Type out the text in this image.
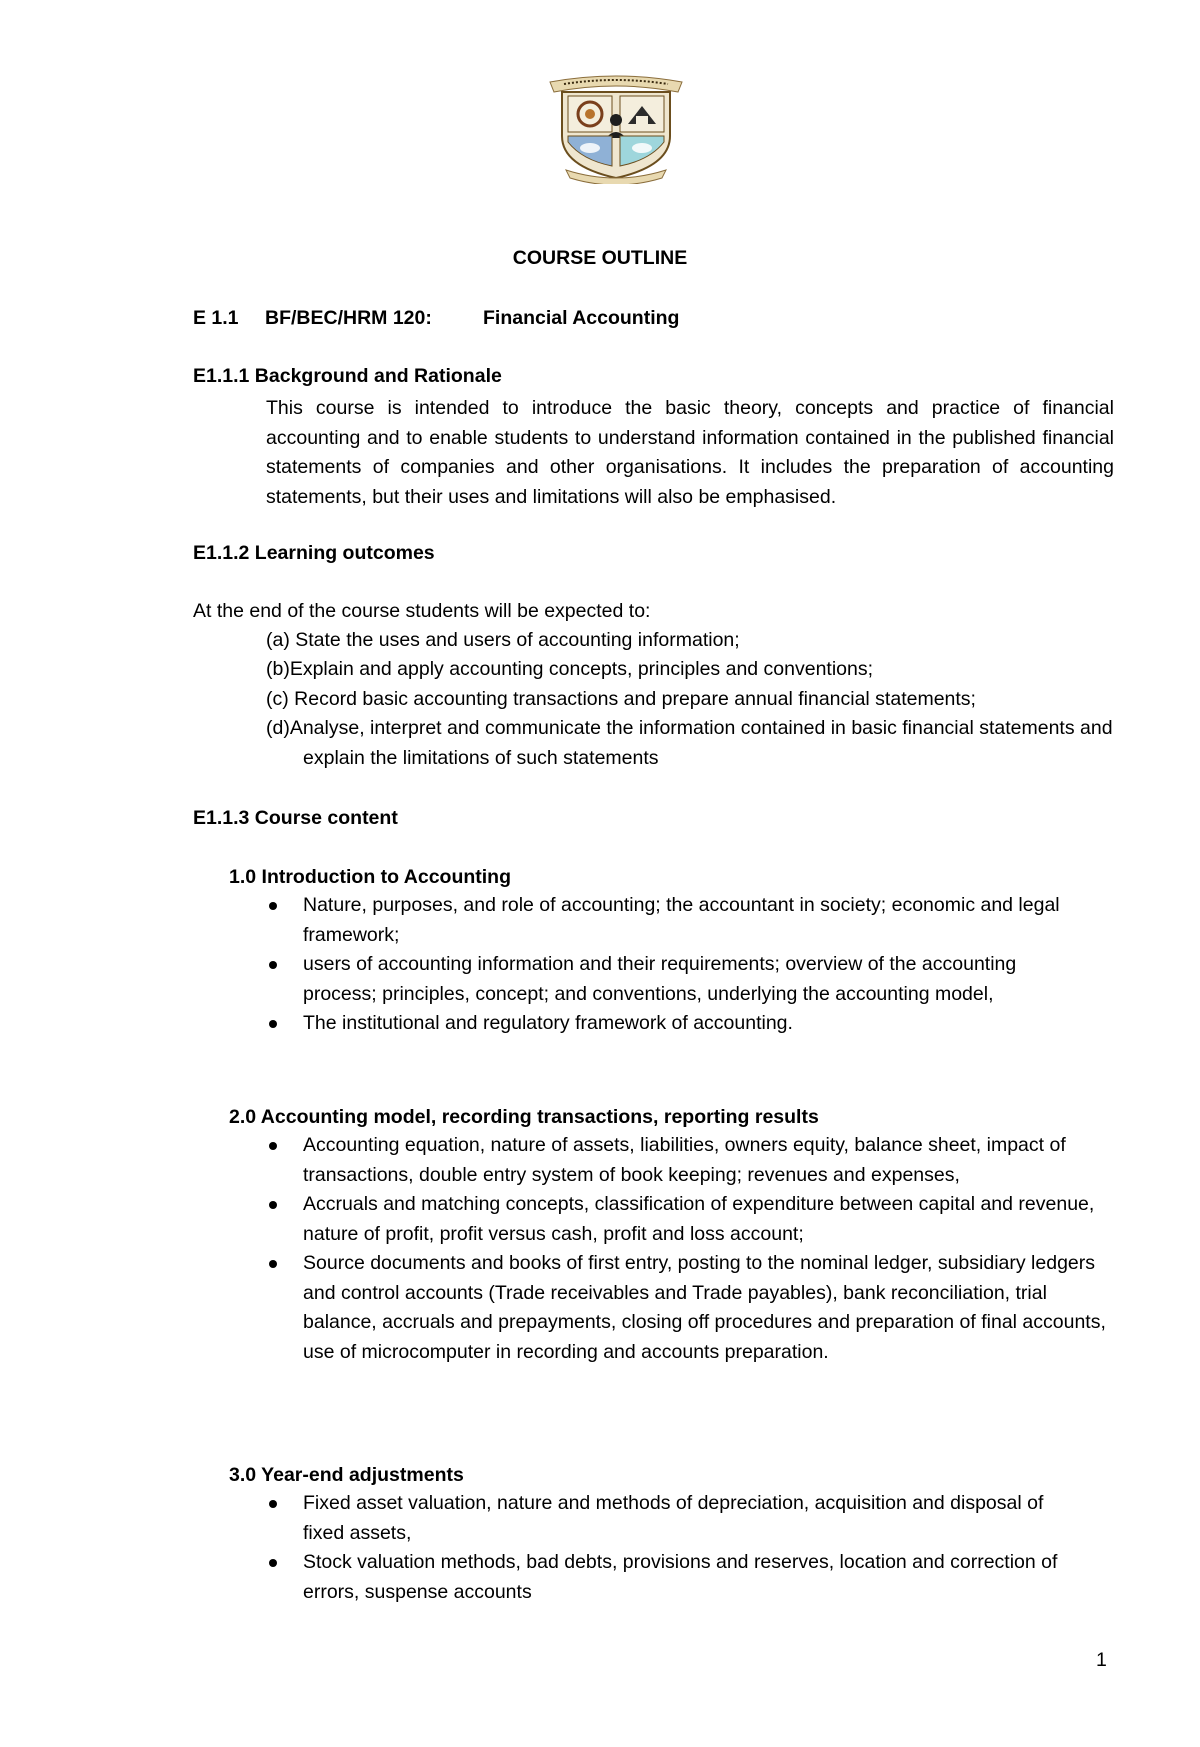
COURSE OUTLINE
E 1.1 BF/BEC/HRM 120:	Financial Accounting
E1.1.1 Background and Rationale
This course is intended to introduce the basic theory, concepts and practice of financial accounting and to enable students to understand information contained in the published financial statements of companies and other organisations. It includes the preparation of accounting statements, but their uses and limitations will also be emphasised.
E1.1.2 Learning outcomes
At the end of the course students will be expected to:
(a) State the uses and users of accounting information;
(b)Explain and apply accounting concepts, principles and conventions;
(c) Record basic accounting transactions and prepare annual financial statements;
(d)Analyse, interpret and communicate the information contained in basic financial statements and explain the limitations of such statements
E1.1.3 Course content
1.0 Introduction to Accounting
Nature, purposes, and role of accounting; the accountant in society; economic and legal framework;
users of accounting information and their requirements; overview of the accounting process; principles, concept; and conventions, underlying the accounting model,
The institutional and regulatory framework of accounting.
2.0 Accounting model, recording transactions, reporting results
Accounting equation, nature of assets, liabilities, owners equity, balance sheet, impact of transactions, double entry system of book keeping; revenues and expenses,
Accruals and matching concepts, classification of expenditure between capital and revenue, nature of profit, profit versus cash, profit and loss account;
Source documents and books of first entry, posting to the nominal ledger, subsidiary ledgers and control accounts (Trade receivables and Trade payables), bank reconciliation, trial balance, accruals and prepayments, closing off procedures and preparation of final accounts, use of microcomputer in recording and accounts preparation.
3.0 Year-end adjustments
Fixed asset valuation, nature and methods of depreciation, acquisition and disposal of fixed assets,
Stock valuation methods, bad debts, provisions and reserves, location and correction of errors, suspense accounts
1
